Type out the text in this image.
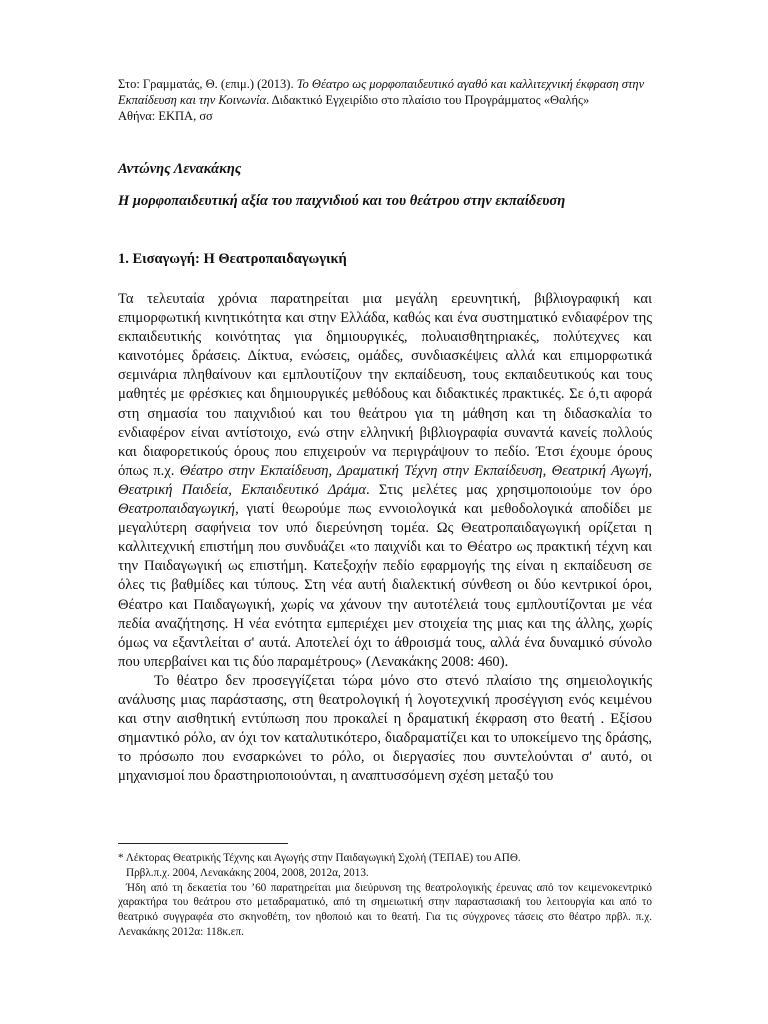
Στο: Γραμματάς, Θ. (επιμ.) (2013). Το Θέατρο ως μορφοπαιδευτικό αγαθό και καλλιτεχνική έκφραση στην Εκπαίδευση και την Κοινωνία. Διδακτικό Εγχειρίδιο στο πλαίσιο του Προγράμματος «Θαλής»
Αθήνα: ΕΚΠΑ, σσ

Αντώνης Λενακάκης

Η μορφοπαιδευτική αξία του παιχνιδιού και του θεάτρου στην εκπαίδευση

1. Εισαγωγή: Η Θεατροπαιδαγωγική

Τα τελευταία χρόνια παρατηρείται μια μεγάλη ερευνητική, βιβλιογραφική και επιμορφωτική κινητικότητα και στην Ελλάδα, καθώς και ένα συστηματικό ενδιαφέρον της εκπαιδευτικής κοινότητας για δημιουργικές, πολυαισθητηριακές, πολύτεχνες και καινοτόμες δράσεις. Δίκτυα, ενώσεις, ομάδες, συνδιασκέψεις αλλά και επιμορφωτικά σεμινάρια πληθαίνουν και εμπλουτίζουν την εκπαίδευση, τους εκπαιδευτικούς και τους μαθητές με φρέσκιες και δημιουργικές μεθόδους και διδακτικές πρακτικές. Σε ό,τι αφορά στη σημασία του παιχνιδιού και του θεάτρου για τη μάθηση και τη διδασκαλία το ενδιαφέρον είναι αντίστοιχο, ενώ στην ελληνική βιβλιογραφία συναντά κανείς πολλούς και διαφορετικούς όρους που επιχειρούν να περιγράψουν το πεδίο. Έτσι έχουμε όρους όπως π.χ. Θέατρο στην Εκπαίδευση, Δραματική Τέχνη στην Εκπαίδευση, Θεατρική Αγωγή, Θεατρική Παιδεία, Εκπαιδευτικό Δράμα. Στις μελέτες μας χρησιμοποιούμε τον όρο Θεατροπαιδαγωγική, γιατί θεωρούμε πως εννοιολογικά και μεθοδολογικά αποδίδει με μεγαλύτερη σαφήνεια τον υπό διερεύνηση τομέα. Ως Θεατροπαιδαγωγική ορίζεται η καλλιτεχνική επιστήμη που συνδυάζει «το παιχνίδι και το Θέατρο ως πρακτική τέχνη και την Παιδαγωγική ως επιστήμη. Κατεξοχήν πεδίο εφαρμογής της είναι η εκπαίδευση σε όλες τις βαθμίδες και τύπους. Στη νέα αυτή διαλεκτική σύνθεση οι δύο κεντρικοί όροι, Θέατρο και Παιδαγωγική, χωρίς να χάνουν την αυτοτέλειά τους εμπλουτίζονται με νέα πεδία αναζήτησης. Η νέα ενότητα εμπεριέχει μεν στοιχεία της μιας και της άλλης, χωρίς όμως να εξαντλείται σ' αυτά. Αποτελεί όχι το άθροισμά τους, αλλά ένα δυναμικό σύνολο που υπερβαίνει και τις δύο παραμέτρους» (Λενακάκης 2008: 460).

Το θέατρο δεν προσεγγίζεται τώρα μόνο στο στενό πλαίσιο της σημειολογικής ανάλυσης μιας παράστασης, στη θεατρολογική ή λογοτεχνική προσέγγιση ενός κειμένου και στην αισθητική εντύπωση που προκαλεί η δραματική έκφραση στο θεατή . Εξίσου σημαντικό ρόλο, αν όχι τον καταλυτικότερο, διαδραματίζει και το υποκείμενο της δράσης, το πρόσωπο που ενσαρκώνει το ρόλο, οι διεργασίες που συντελούνται σ' αυτό, οι μηχανισμοί που δραστηριοποιούνται, η αναπτυσσόμενη σχέση μεταξύ του

* Λέκτορας Θεατρικής Τέχνης και Αγωγής στην Παιδαγωγική Σχολή (ΤΕΠΑΕ) του ΑΠΘ.

Πρβλ.π.χ. 2004, Λενακάκης 2004, 2008, 2012α, 2013.

Ήδη από τη δεκαετία του ’60 παρατηρείται μια διεύρυνση της θεατρολογικής έρευνας από τον κειμενοκεντρικό χαρακτήρα του θεάτρου στο μεταδραματικό, από τη σημειωτική στην παραστασιακή του λειτουργία και από το θεατρικό συγγραφέα στο σκηνοθέτη, τον ηθοποιό και το θεατή. Για τις σύγχρονες τάσεις στο θέατρο πρβλ. π.χ. Λενακάκης 2012α: 118κ.επ.
